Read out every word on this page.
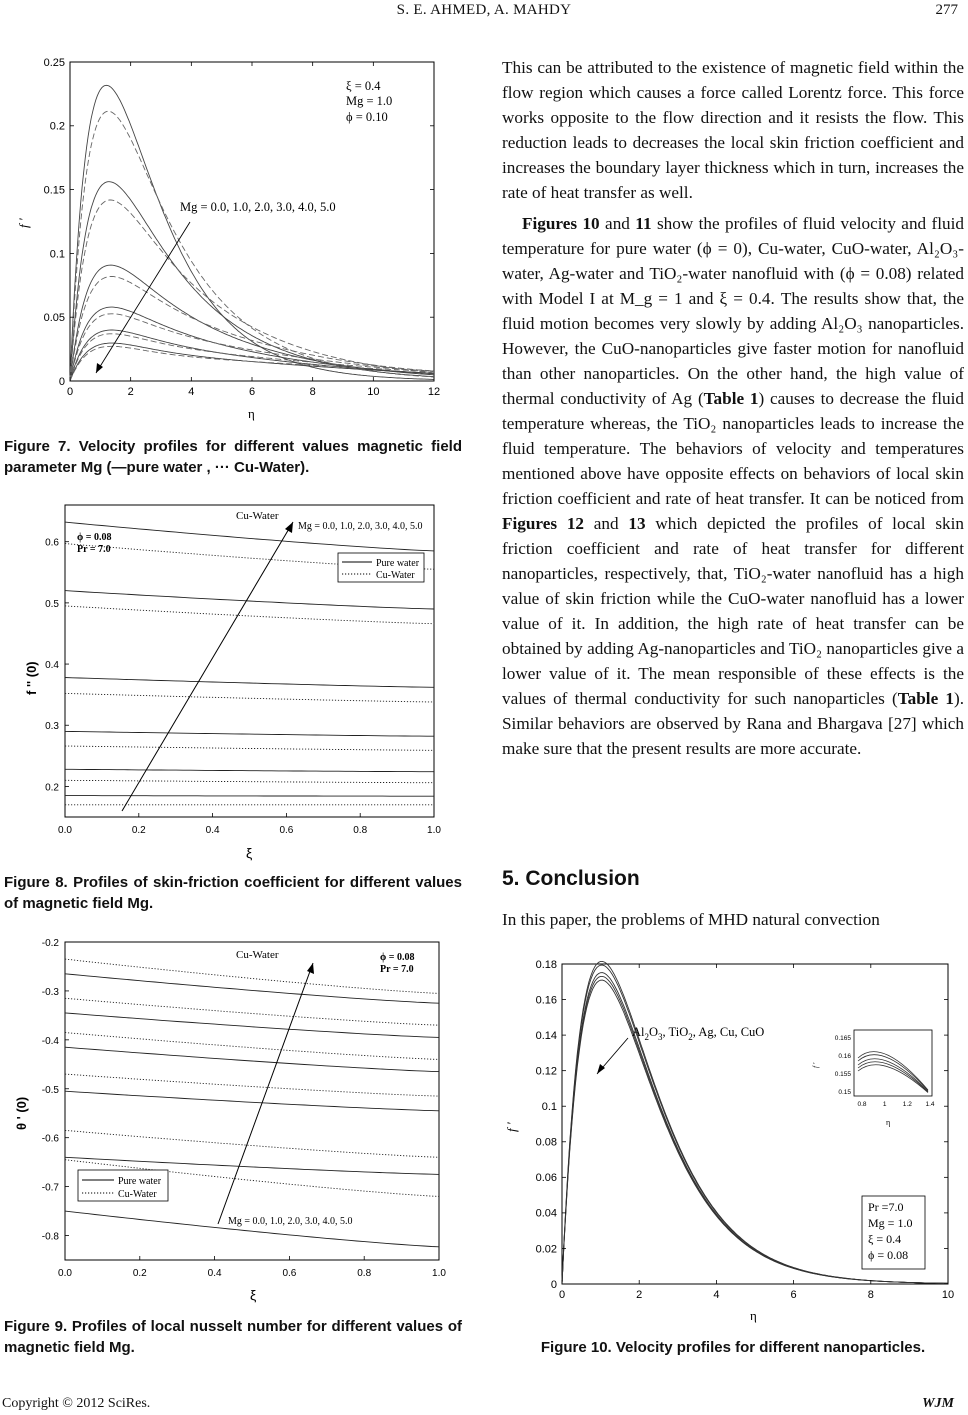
S. E. AHMED, A. MAHDY	277
0	2	4	6	8	10	12
0
0.05
0.1
0.15
0.2
0.25
f '
η
ξ = 0.4
Mg = 1.0
ϕ = 0.10
Mg = 0.0, 1.0, 2.0, 3.0, 4.0, 5.0

Figure 7. Velocity profiles for different values magnetic field parameter Mg (—pure water , ··· Cu-Water).

0.0	0.2	0.4	0.6	0.8	1.0
0.2
0.3
0.4
0.5
0.6
f '' (0)
ξ
Cu-Water
ϕ = 0.08
Pr = 7.0
Mg = 0.0, 1.0, 2.0, 3.0, 4.0, 5.0
Pure water
Cu-Water

Figure 8. Profiles of skin-friction coefficient for different values of magnetic field Mg.

0.0	0.2	0.4	0.6	0.8	1.0
-0.2
-0.3
-0.4
-0.5
-0.6
-0.7
-0.8
θ ' (0)
ξ
Cu-Water	ϕ = 0.08
Pr = 7.0
Mg = 0.0, 1.0, 2.0, 3.0, 4.0, 5.0
Pure water
Cu-Water

Figure 9. Profiles of local nusselt number for different values of magnetic field Mg.

This can be attributed to the existence of magnetic field within the flow region which causes a force called Lorentz force. This force works opposite to the flow direction and it resists the flow. This reduction leads to decreases the local skin friction coefficient and increases the boundary layer thickness which in turn, increases the rate of heat transfer as well.

Figures 10 and 11 show the profiles of fluid velocity and fluid temperature for pure water (ϕ = 0), Cu-water, CuO-water, Al₂O₃-water, Ag-water and TiO₂-water nanofluid with (ϕ = 0.08) related with Model I at M_g = 1 and ξ = 0.4. The results show that, the fluid motion becomes very slowly by adding Al₂O₃ nanoparticles. However, the CuO-nanoparticles give faster motion for nanofluid than other nanoparticles. On the other hand, the high value of thermal conductivity of Ag (Table 1) causes to decrease the fluid temperature whereas, the TiO₂ nanoparticles leads to increase the fluid temperature. The behaviors of velocity and temperatures mentioned above have opposite effects on behaviors of local skin friction coefficient and rate of heat transfer. It can be noticed from Figures 12 and 13 which depicted the profiles of local skin friction coefficient and rate of heat transfer for different nanoparticles, respectively, that, TiO₂-water nanofluid has a high value of skin friction while the CuO-water nanofluid has a lower value of it. In addition, the high rate of heat transfer can be obtained by adding Ag-nanoparticles and TiO₂ nanoparticles give a lower value of it. The mean responsible of these effects is the values of thermal conductivity for such nanoparticles (Table 1). Similar behaviors are observed by Rana and Bhargava [27] which make sure that the present results are more accurate.

5. Conclusion
In this paper, the problems of MHD natural convection
0	2	4	6	8	10
0
0.02
0.04
0.06
0.08
0.1
0.12
0.14
0.16
0.18
f '
η
$Al_2O_3$, TiO$_2$, Ag, Cu, CuO
Pr =7.0
Mg = 1.0
ξ = 0.4
ϕ = 0.08
0.8	1	1.2 1.4
0.15
0.155
0.16
0.165
η
f '

Figure 10. Velocity profiles for different nanoparticles.

Copyright © 2012 SciRes.	WJM
